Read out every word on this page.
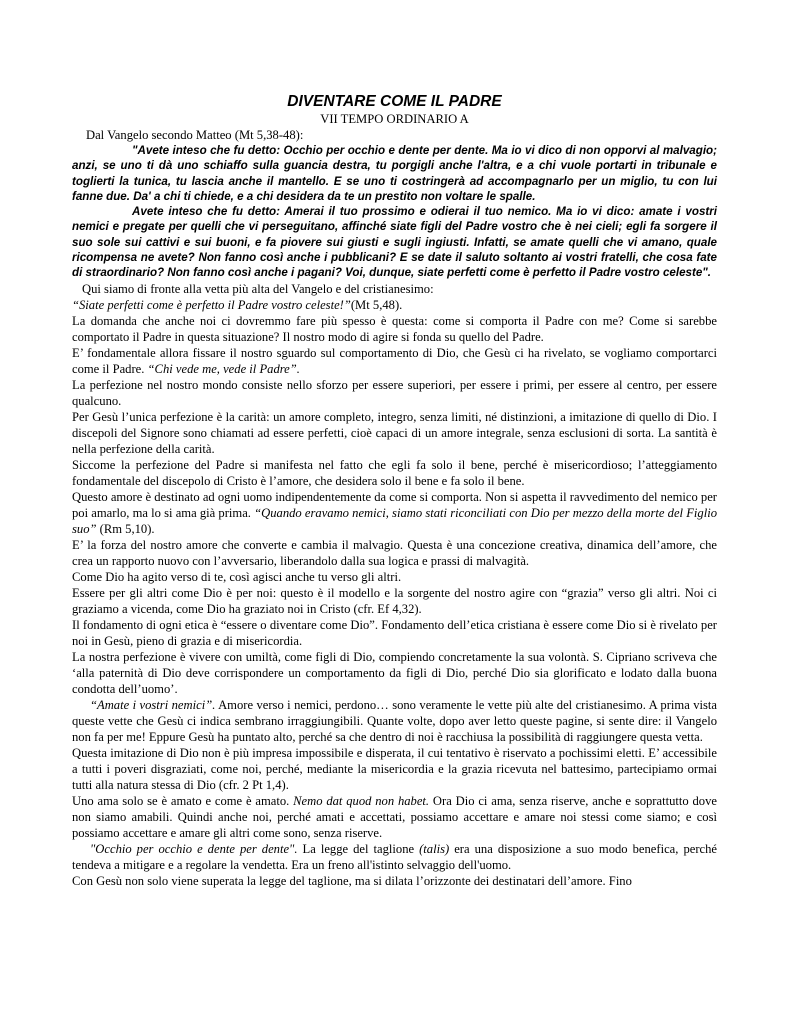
DIVENTARE COME IL PADRE
VII TEMPO ORDINARIO A
Dal Vangelo secondo Matteo (Mt 5,38-48):
"Avete inteso che fu detto: Occhio per occhio e dente per dente. Ma io vi dico di non opporvi al malvagio; anzi, se uno ti dà uno schiaffo sulla guancia destra, tu porgigli anche l'altra, e a chi vuole portarti in tribunale e toglierti la tunica, tu lascia anche il mantello. E se uno ti costringerà ad accompagnarlo per un miglio, tu con lui fanne due. Da' a chi ti chiede, e a chi desidera da te un prestito non voltare le spalle.
Avete inteso che fu detto: Amerai il tuo prossimo e odierai il tuo nemico. Ma io vi dico: amate i vostri nemici e pregate per quelli che vi perseguitano, affinché siate figli del Padre vostro che è nei cieli; egli fa sorgere il suo sole sui cattivi e sui buoni, e fa piovere sui giusti e sugli ingiusti. Infatti, se amate quelli che vi amano, quale ricompensa ne avete? Non fanno così anche i pubblicani? E se date il saluto soltanto ai vostri fratelli, che cosa fate di straordinario? Non fanno così anche i pagani? Voi, dunque, siate perfetti come è perfetto il Padre vostro celeste".

Qui siamo di fronte alla vetta più alta del Vangelo e del cristianesimo:

“Siate perfetti come è perfetto il Padre vostro celeste!”(Mt 5,48).

La domanda che anche noi ci dovremmo fare più spesso è questa: come si comporta il Padre con me? Come si sarebbe comportato il Padre in questa situazione? Il nostro modo di agire si fonda su quello del Padre.

E’ fondamentale allora fissare il nostro sguardo sul comportamento di Dio, che Gesù ci ha rivelato, se vogliamo comportarci come il Padre. “Chi vede me, vede il Padre”.

La perfezione nel nostro mondo consiste nello sforzo per essere superiori, per essere i primi, per essere al centro, per essere qualcuno.

Per Gesù l’unica perfezione è la carità: un amore completo, integro, senza limiti, né distinzioni, a imitazione di quello di Dio. I discepoli del Signore sono chiamati ad essere perfetti, cioè capaci di un amore integrale, senza esclusioni di sorta. La santità è nella perfezione della carità.

Siccome la perfezione del Padre si manifesta nel fatto che egli fa solo il bene, perché è misericordioso; l’atteggiamento fondamentale del discepolo di Cristo è l’amore, che desidera solo il bene e fa solo il bene.

Questo amore è destinato ad ogni uomo indipendentemente da come si comporta. Non si aspetta il ravvedimento del nemico per poi amarlo, ma lo si ama già prima. “Quando eravamo nemici, siamo stati riconciliati con Dio per mezzo della morte del Figlio suo” (Rm 5,10).

E’ la forza del nostro amore che converte e cambia il malvagio. Questa è una concezione creativa, dinamica dell’amore, che crea un rapporto nuovo con l’avversario, liberandolo dalla sua logica e prassi di malvagità.

Come Dio ha agito verso di te, così agisci anche tu verso gli altri.

Essere per gli altri come Dio è per noi: questo è il modello e la sorgente del nostro agire con “grazia” verso gli altri. Noi ci graziamo a vicenda, come Dio ha graziato noi in Cristo (cfr. Ef 4,32).

Il fondamento di ogni etica è “essere o diventare come Dio”. Fondamento dell’etica cristiana è essere come Dio si è rivelato per noi in Gesù, pieno di grazia e di misericordia.

La nostra perfezione è vivere con umiltà, come figli di Dio, compiendo concretamente la sua volontà. S. Cipriano scriveva che ‘alla paternità di Dio deve corrispondere un comportamento da figli di Dio, perché Dio sia glorificato e lodato dalla buona condotta dell’uomo’.

“Amate i vostri nemici”. Amore verso i nemici, perdono… sono veramente le vette più alte del cristianesimo. A prima vista queste vette che Gesù ci indica sembrano irraggiungibili. Quante volte, dopo aver letto queste pagine, si sente dire: il Vangelo non fa per me! Eppure Gesù ha puntato alto, perché sa che dentro di noi è racchiusa la possibilità di raggiungere questa vetta.

Questa imitazione di Dio non è più impresa impossibile e disperata, il cui tentativo è riservato a pochissimi eletti. E’ accessibile a tutti i poveri disgraziati, come noi, perché, mediante la misericordia e la grazia ricevuta nel battesimo, partecipiamo ormai tutti alla natura stessa di Dio (cfr. 2 Pt 1,4).

Uno ama solo se è amato e come è amato. Nemo dat quod non habet. Ora Dio ci ama, senza riserve, anche e soprattutto dove non siamo amabili. Quindi anche noi, perché amati e accettati, possiamo accettare e amare noi stessi come siamo; e così possiamo accettare e amare gli altri come sono, senza riserve.

"Occhio per occhio e dente per dente". La legge del taglione (talis) era una disposizione a suo modo benefica, perché tendeva a mitigare e a regolare la vendetta. Era un freno all'istinto selvaggio dell'uomo.

Con Gesù non solo viene superata la legge del taglione, ma si dilata l’orizzonte dei destinatari dell’amore. Fino
